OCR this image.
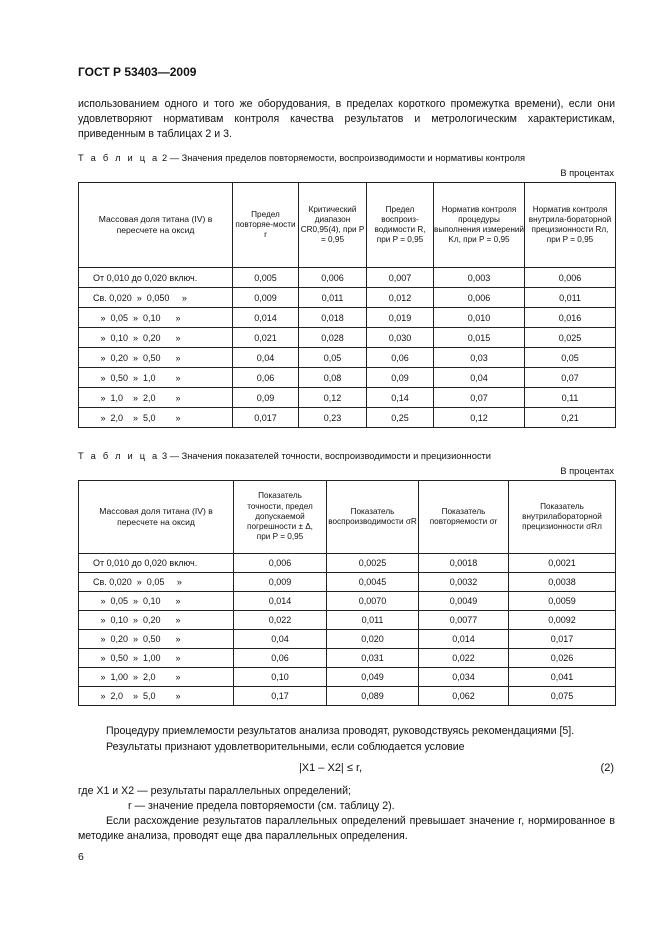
ГОСТ Р 53403—2009
использованием одного и того же оборудования, в пределах короткого промежутка времени), если они удовлетворяют нормативам контроля качества результатов и метрологическим характеристикам, приведенным в таблицах 2 и 3.
Т а б л и ц а 2 — Значения пределов повторяемости, воспроизводимости и нормативы контроля
В процентах
Массовая доля титана (IV) в пересчете на оксид	Предел повторяе-мости r	Критический диапазон CR0,95(4), при P = 0,95	Предел воспроиз-водимости R, при P = 0,95	Норматив контроля процедуры выполнения измерений Kл, при P = 0,95	Норматив контроля внутрила-бораторной прецизионности Rл, при P = 0,95
От 0,010 до 0,020 включ.	0,005	0,006	0,007	0,003	0,006
Св. 0,020  »  0,050     »	0,009	0,011	0,012	0,006	0,011
»  0,05  »  0,10      »	0,014	0,018	0,019	0,010	0,016
»  0,10  »  0,20      »	0,021	0,028	0,030	0,015	0,025
»  0,20  »  0,50      »	0,04	0,05	0,06	0,03	0,05
»  0,50  »  1,0        »	0,06	0,08	0,09	0,04	0,07
»  1,0    »  2,0        »	0,09	0,12	0,14	0,07	0,11
»  2,0    »  5,0        »	0,017	0,23	0,25	0,12	0,21
Т а б л и ц а 3 — Значения показателей точности, воспроизводимости и прецизионности
В процентах
Массовая доля титана (IV) в пересчете на оксид	Показатель точности, предел допускаемой погрешности ± Δ, при P = 0,95	Показатель воспроизводимости σR	Показатель повторяемости σr	Показатель внутрилабораторной прецизионности σRл
От 0,010 до 0,020 включ.	0,006	0,0025	0,0018	0,0021
Св. 0,020  »  0,05     »	0,009	0,0045	0,0032	0,0038
»  0,05  »  0,10      »	0,014	0,0070	0,0049	0,0059
»  0,10  »  0,20      »	0,022	0,011	0,0077	0,0092
»  0,20  »  0,50      »	0,04	0,020	0,014	0,017
»  0,50  »  1,00      »	0,06	0,031	0,022	0,026
»  1,00  »  2,0        »	0,10	0,049	0,034	0,041
»  2,0    »  5,0        »	0,17	0,089	0,062	0,075
Процедуру приемлемости результатов анализа проводят, руководствуясь рекомендациями [5].
Результаты признают удовлетворительными, если соблюдается условие
|X1 – X2| ≤ r,	(2)
где X1 и X2 — результаты параллельных определений;
r — значение предела повторяемости (см. таблицу 2).
Если расхождение результатов параллельных определений превышает значение r, нормированное в методике анализа, проводят еще два параллельных определения.
6
